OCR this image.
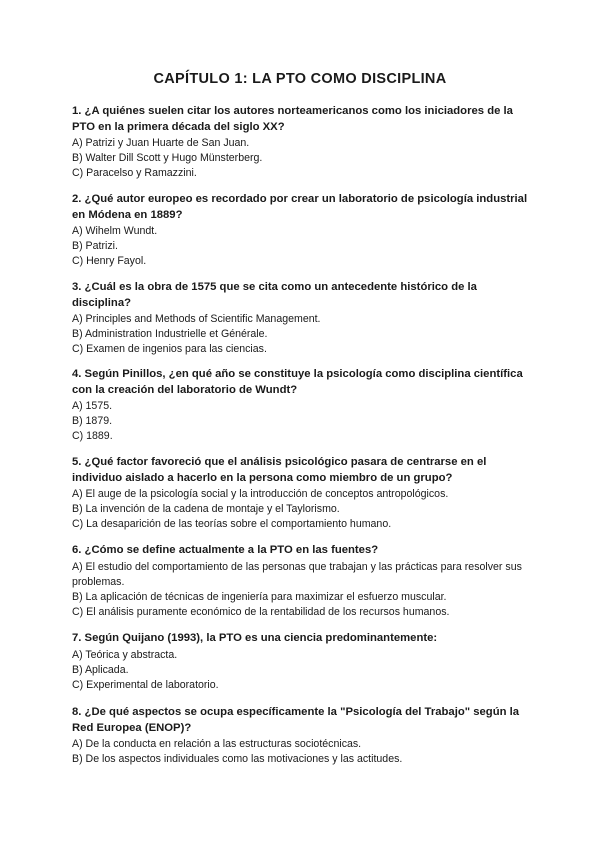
CAPÍTULO 1: LA PTO COMO DISCIPLINA

1. ¿A quiénes suelen citar los autores norteamericanos como los iniciadores de la PTO en la primera década del siglo XX?

A) Patrizi y Juan Huarte de San Juan.

B) Walter Dill Scott y Hugo Münsterberg.

C) Paracelso y Ramazzini.

2. ¿Qué autor europeo es recordado por crear un laboratorio de psicología industrial en Módena en 1889?

A) Wihelm Wundt.

B) Patrizi.

C) Henry Fayol.

3. ¿Cuál es la obra de 1575 que se cita como un antecedente histórico de la disciplina?

A) Principles and Methods of Scientific Management.

B) Administration Industrielle et Générale.

C) Examen de ingenios para las ciencias.

4. Según Pinillos, ¿en qué año se constituye la psicología como disciplina científica con la creación del laboratorio de Wundt?

A) 1575.

B) 1879.

C) 1889.

5. ¿Qué factor favoreció que el análisis psicológico pasara de centrarse en el individuo aislado a hacerlo en la persona como miembro de un grupo?

A) El auge de la psicología social y la introducción de conceptos antropológicos.

B) La invención de la cadena de montaje y el Taylorismo.

C) La desaparición de las teorías sobre el comportamiento humano.

6. ¿Cómo se define actualmente a la PTO en las fuentes?

A) El estudio del comportamiento de las personas que trabajan y las prácticas para resolver sus problemas.

B) La aplicación de técnicas de ingeniería para maximizar el esfuerzo muscular.

C) El análisis puramente económico de la rentabilidad de los recursos humanos.

7. Según Quijano (1993), la PTO es una ciencia predominantemente:

A) Teórica y abstracta.

B) Aplicada.

C) Experimental de laboratorio.

8. ¿De qué aspectos se ocupa específicamente la "Psicología del Trabajo" según la Red Europea (ENOP)?

A) De la conducta en relación a las estructuras sociotécnicas.

B) De los aspectos individuales como las motivaciones y las actitudes.
